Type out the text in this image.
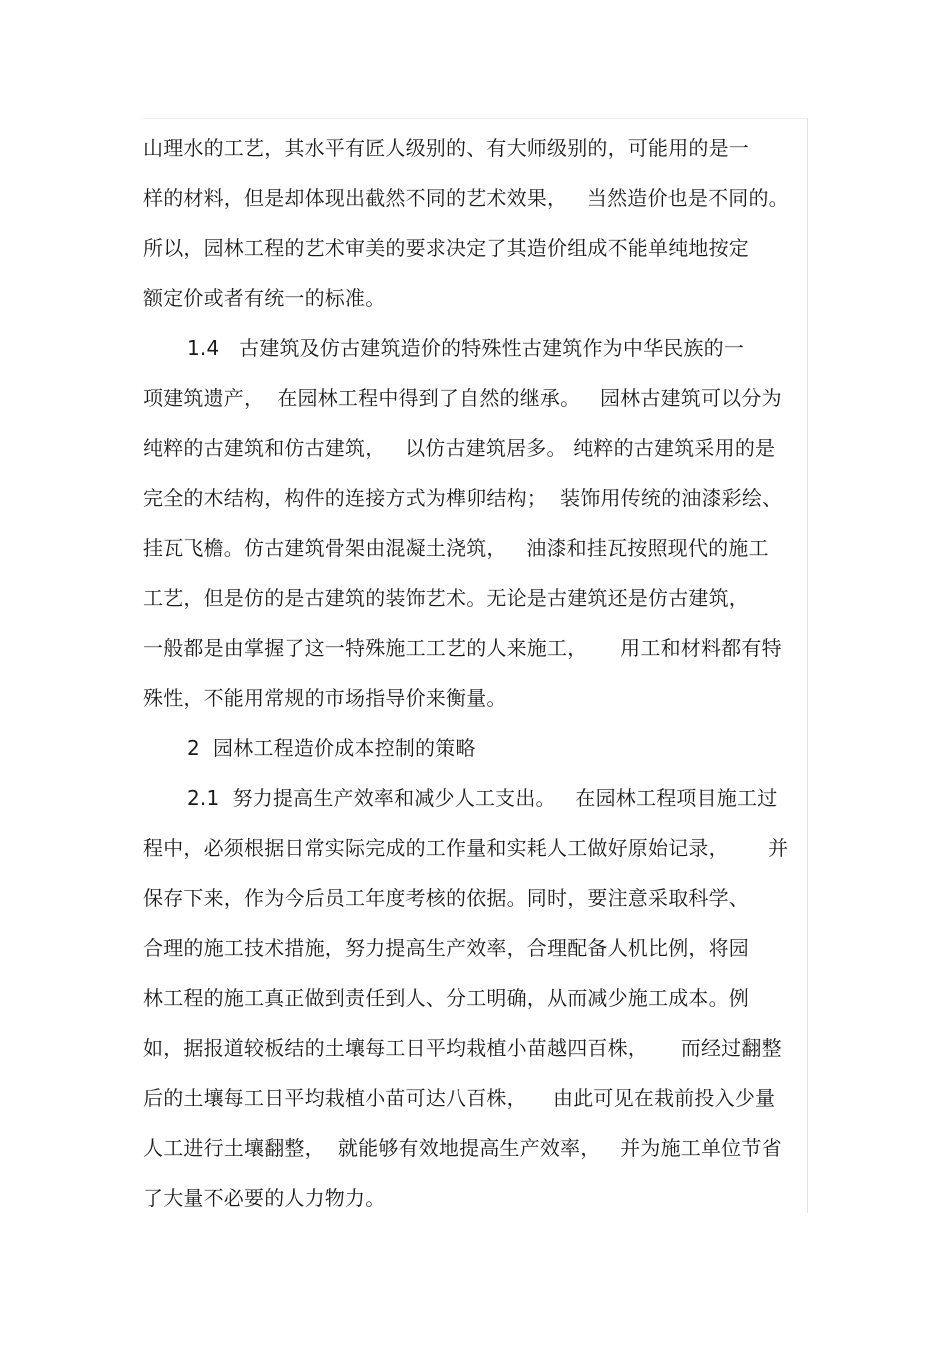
山理水的工艺，其水平有匠人级别的、有大师级别的，可能用的是一
样的材料，但是却体现出截然不同的艺术效果，   当然造价也是不同的。
所以，园林工程的艺术审美的要求决定了其造价组成不能单纯地按定
额定价或者有统一的标准。
1.4   古建筑及仿古建筑造价的特殊性古建筑作为中华民族的一
项建筑遗产，  在园林工程中得到了自然的继承。   园林古建筑可以分为
纯粹的古建筑和仿古建筑，   以仿古建筑居多。 纯粹的古建筑采用的是
完全的木结构，构件的连接方式为榫卯结构；  装饰用传统的油漆彩绘、
挂瓦飞檐。仿古建筑骨架由混凝土浇筑，   油漆和挂瓦按照现代的施工
工艺，但是仿的是古建筑的装饰艺术。无论是古建筑还是仿古建筑，
一般都是由掌握了这一特殊施工工艺的人来施工，     用工和材料都有特
殊性，不能用常规的市场指导价来衡量。
2  园林工程造价成本控制的策略
2.1  努力提高生产效率和减少人工支出。   在园林工程项目施工过
程中，必须根据日常实际完成的工作量和实耗人工做好原始记录，      并
保存下来，作为今后员工年度考核的依据。同时，要注意采取科学、
合理的施工技术措施，努力提高生产效率，合理配备人机比例，将园
林工程的施工真正做到责任到人、分工明确，从而减少施工成本。例
如，据报道较板结的土壤每工日平均栽植小苗越四百株，     而经过翻整
后的土壤每工日平均栽植小苗可达八百株，    由此可见在栽前投入少量
人工进行土壤翻整，  就能够有效地提高生产效率，   并为施工单位节省
了大量不必要的人力物力。
